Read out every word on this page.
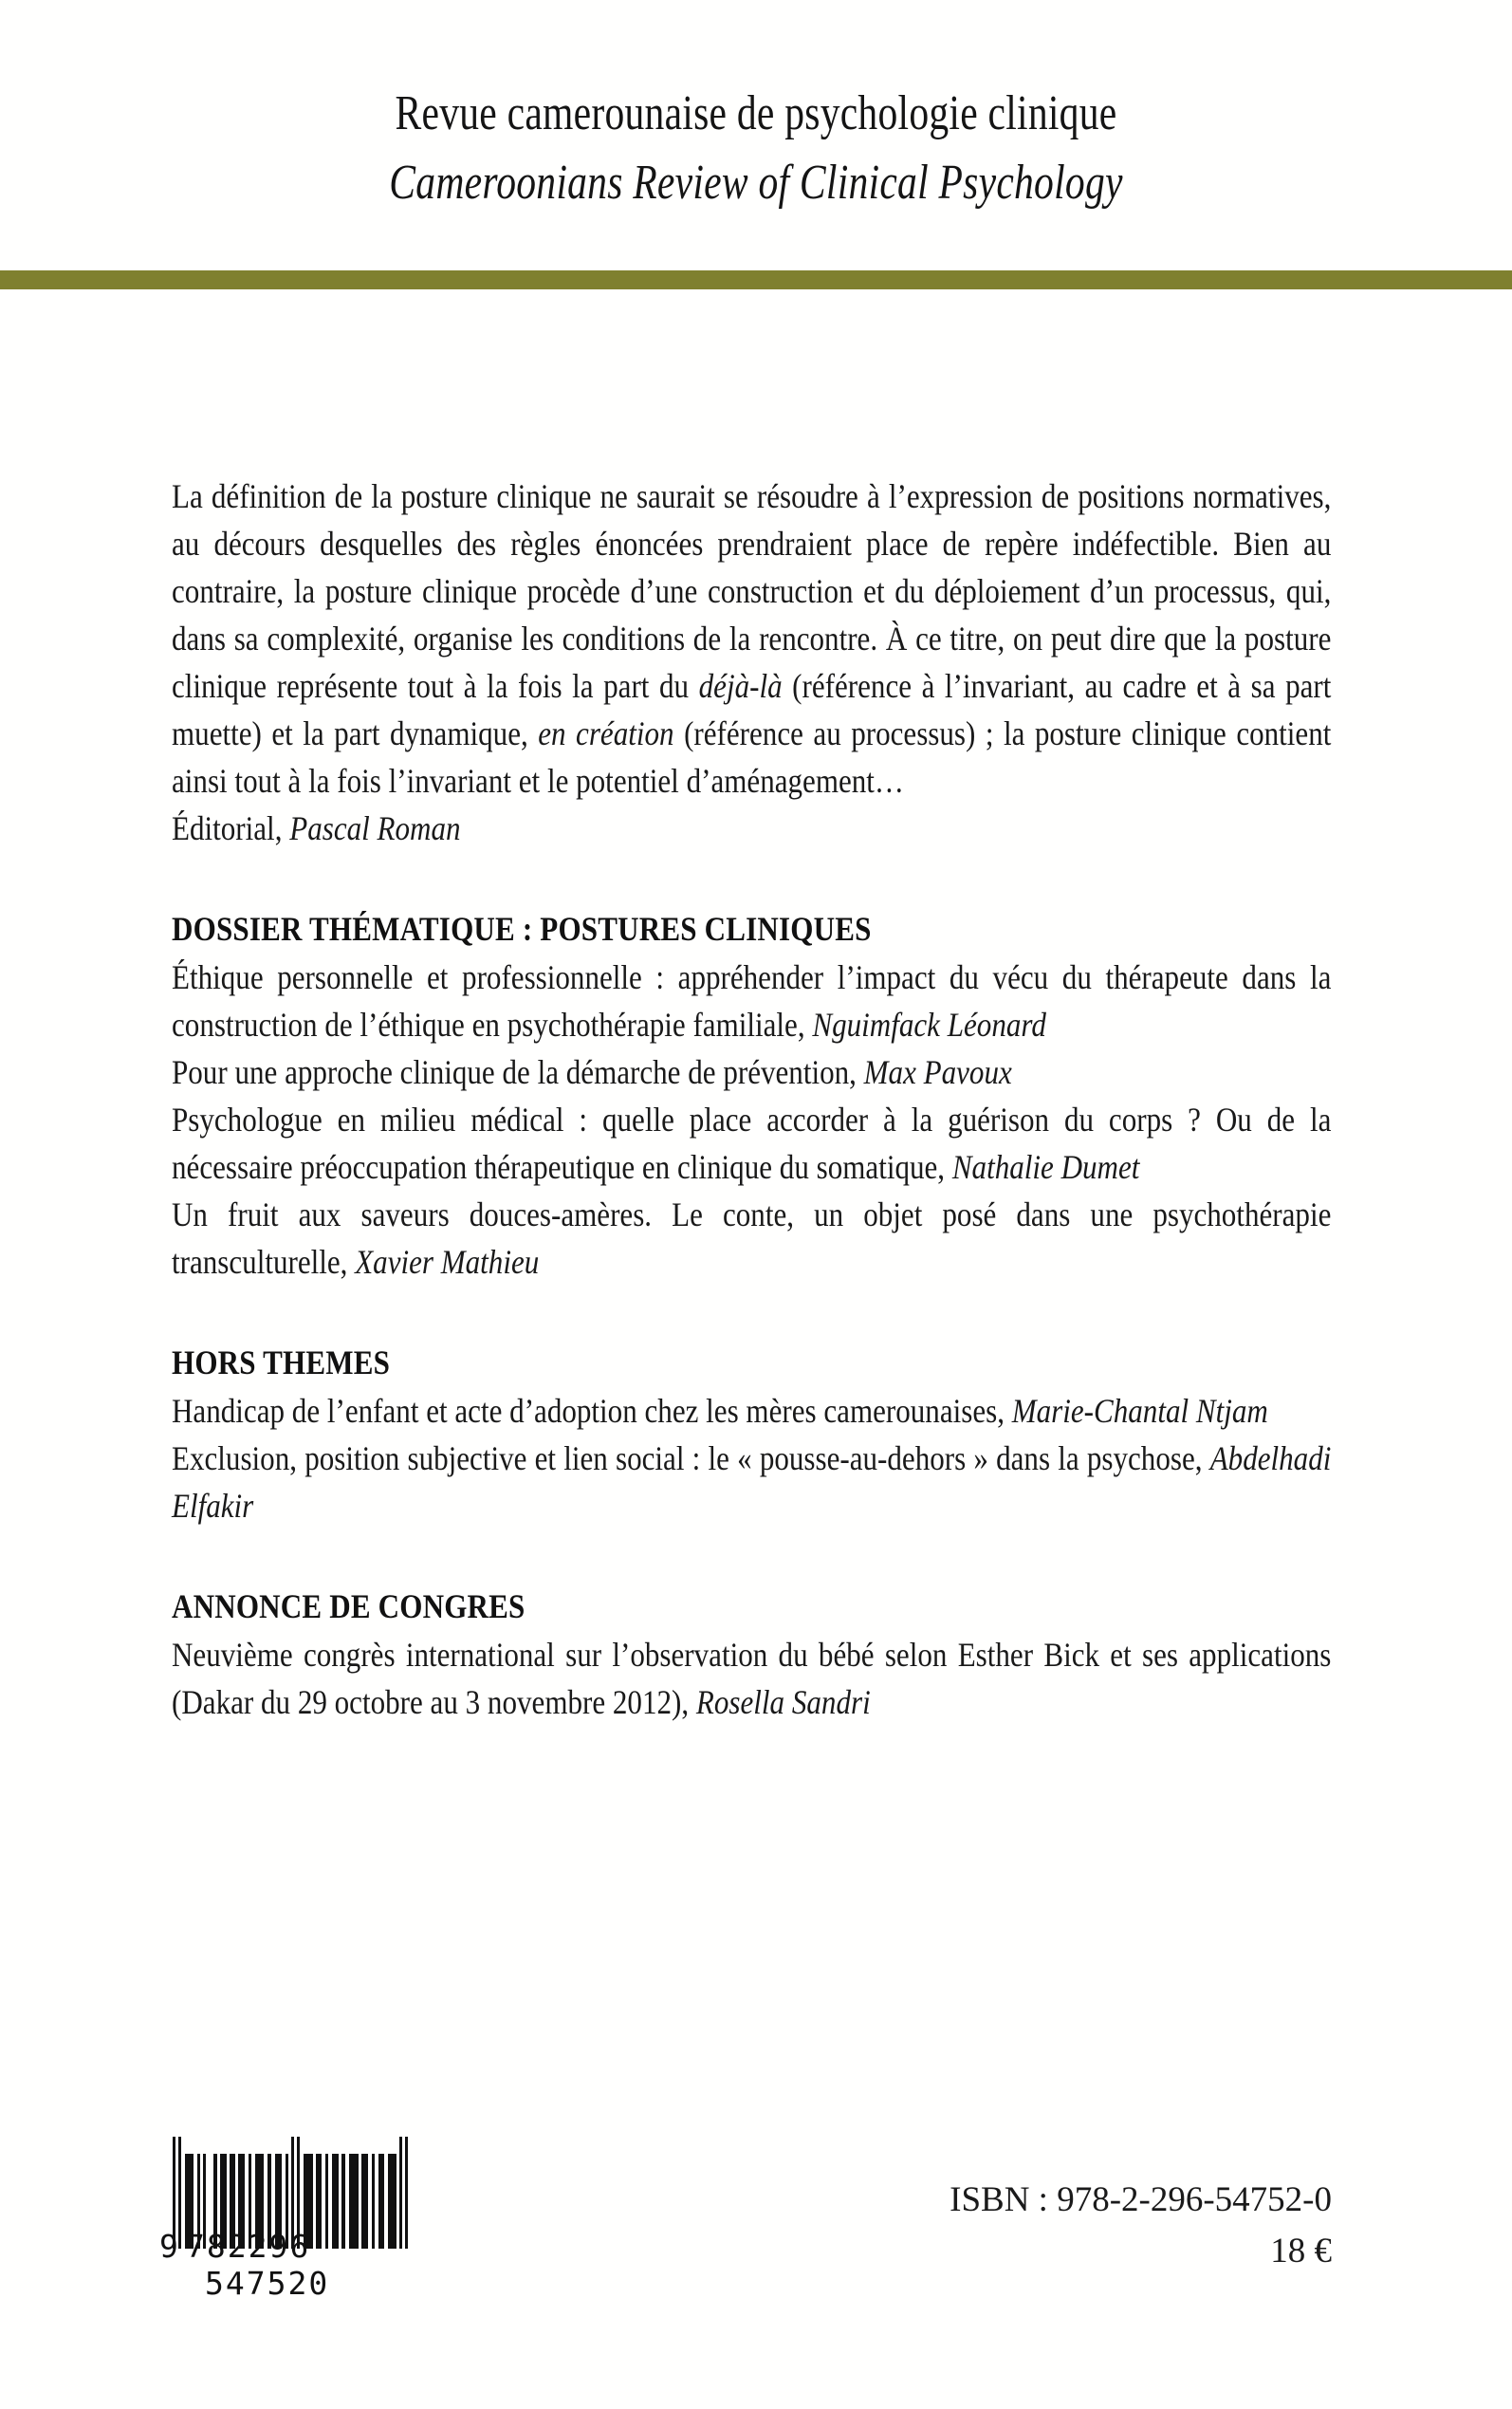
Revue camerounaise de psychologie clinique
Cameroonians Review of Clinical Psychology
La définition de la posture clinique ne saurait se résoudre à l’expression de positions normatives, au décours desquelles des règles énoncées prendraient place de repère indéfectible. Bien au contraire, la posture clinique procède d’une construction et du déploiement d’un processus, qui, dans sa complexité, organise les conditions de la rencontre. À ce titre, on peut dire que la posture clinique représente tout à la fois la part du déjà-là (référence à l’invariant, au cadre et à sa part muette) et la part dynamique, en création (référence au processus) ; la posture clinique contient ainsi tout à la fois l’invariant et le potentiel d’aménagement…
Éditorial, Pascal Roman
DOSSIER THÉMATIQUE : POSTURES CLINIQUES
Éthique personnelle et professionnelle : appréhender l’impact du vécu du thérapeute dans la construction de l’éthique en psychothérapie familiale, Nguimfack Léonard
Pour une approche clinique de la démarche de prévention, Max Pavoux
Psychologue en milieu médical : quelle place accorder à la guérison du corps ? Ou de la nécessaire préoccupation thérapeutique en clinique du somatique, Nathalie Dumet
Un fruit aux saveurs douces-amères. Le conte, un objet posé dans une psychothérapie transculturelle, Xavier Mathieu
HORS THEMES
Handicap de l’enfant et acte d’adoption chez les mères camerounaises, Marie-Chantal Ntjam
Exclusion, position subjective et lien social : le « pousse-au-dehors » dans la psychose, Abdelhadi Elfakir
ANNONCE DE CONGRES
Neuvième congrès international sur l’observation du bébé selon Esther Bick et ses applications (Dakar du 29 octobre au 3 novembre 2012), Rosella Sandri
9 782296547520
ISBN : 978-2-296-54752-0
18 €
